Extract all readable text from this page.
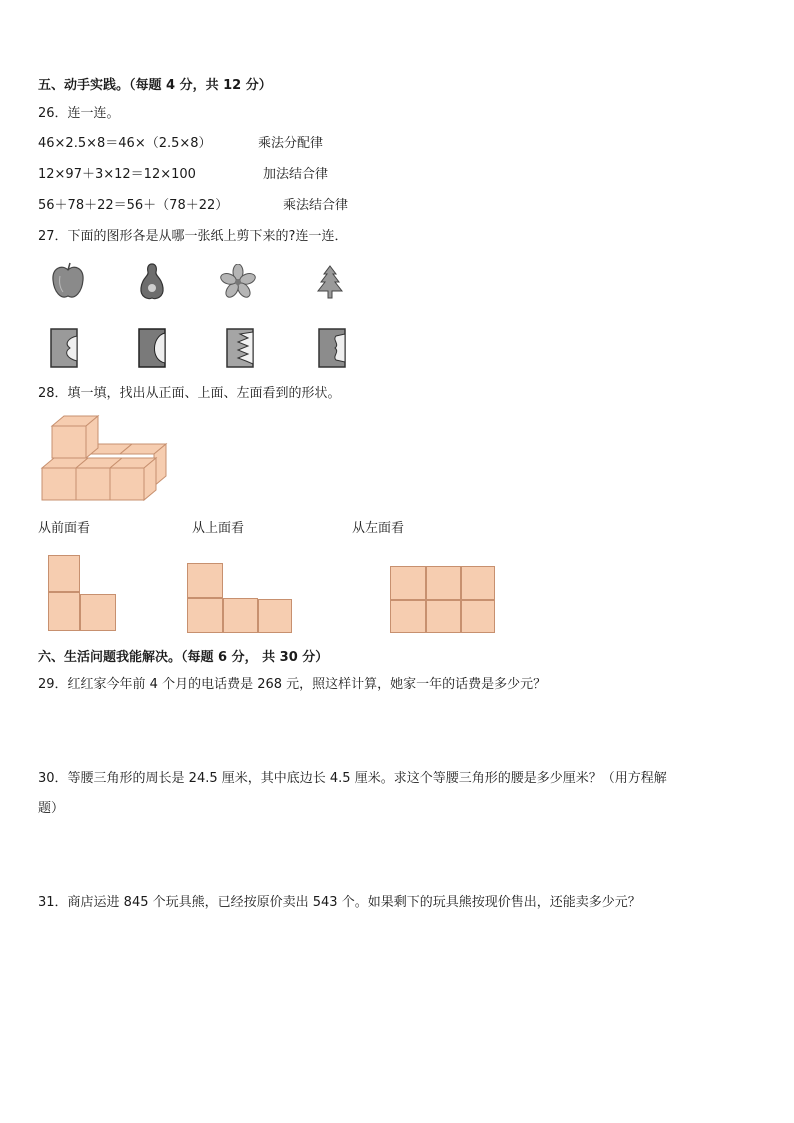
五、动手实践。（每题 4 分，共 12 分）
26．连一连。
46×2.5×8＝46×（2.5×8）
12×97＋3×12＝12×100
56＋78＋22＝56＋（78＋22）
乘法分配律
加法结合律
乘法结合律
27．下面的图形各是从哪一张纸上剪下来的?连一连．
28．填一填，找出从正面、上面、左面看到的形状。
从前面看	从上面看	从左面看
六、生活问题我能解决。（每题 6 分， 共 30 分）
29．红红家今年前 4 个月的电话费是 268 元，照这样计算，她家一年的话费是多少元？
30．等腰三角形的周长是 24.5 厘米，其中底边长 4.5 厘米。求这个等腰三角形的腰是多少厘米？（用方程解
题）
31．商店运进 845 个玩具熊，已经按原价卖出 543 个。如果剩下的玩具熊按现价售出，还能卖多少元？
